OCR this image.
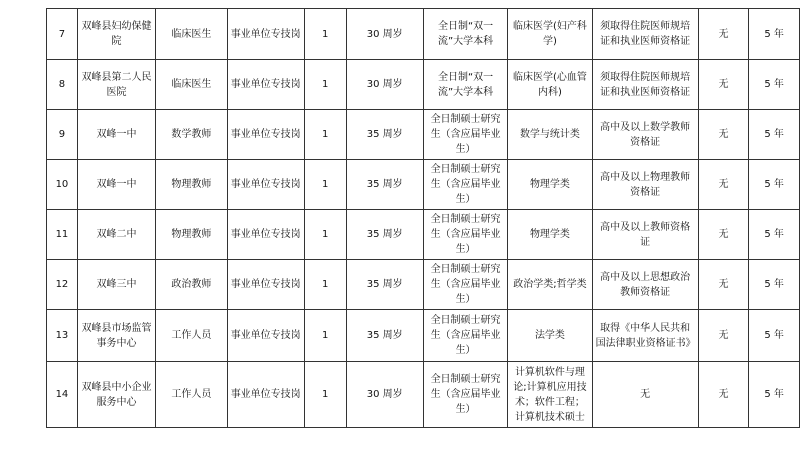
7	双峰县妇幼保健院	临床医生	事业单位专技岗	1	30 周岁	全日制“双一流”大学本科	临床医学(妇产科学)	须取得住院医师规培证和执业医师资格证	无	5 年
8	双峰县第二人民医院	临床医生	事业单位专技岗	1	30 周岁	全日制“双一流”大学本科	临床医学(心血管内科)	须取得住院医师规培证和执业医师资格证	无	5 年
9	双峰一中	数学教师	事业单位专技岗	1	35 周岁	全日制硕士研究生（含应届毕业生）	数学与统计类	高中及以上数学教师资格证	无	5 年
10	双峰一中	物理教师	事业单位专技岗	1	35 周岁	全日制硕士研究生（含应届毕业生）	物理学类	高中及以上物理教师资格证	无	5 年
11	双峰二中	物理教师	事业单位专技岗	1	35 周岁	全日制硕士研究生（含应届毕业生）	物理学类	高中及以上教师资格证	无	5 年
12	双峰三中	政治教师	事业单位专技岗	1	35 周岁	全日制硕士研究生（含应届毕业生）	政治学类;哲学类	高中及以上思想政治教师资格证	无	5 年
13	双峰县市场监管事务中心	工作人员	事业单位专技岗	1	35 周岁	全日制硕士研究生（含应届毕业生）	法学类	取得《中华人民共和国法律职业资格证书》	无	5 年
14	双峰县中小企业服务中心	工作人员	事业单位专技岗	1	30 周岁	全日制硕士研究生（含应届毕业生）	计算机软件与理论;计算机应用技术；软件工程；计算机技术硕士	无	无	5 年
